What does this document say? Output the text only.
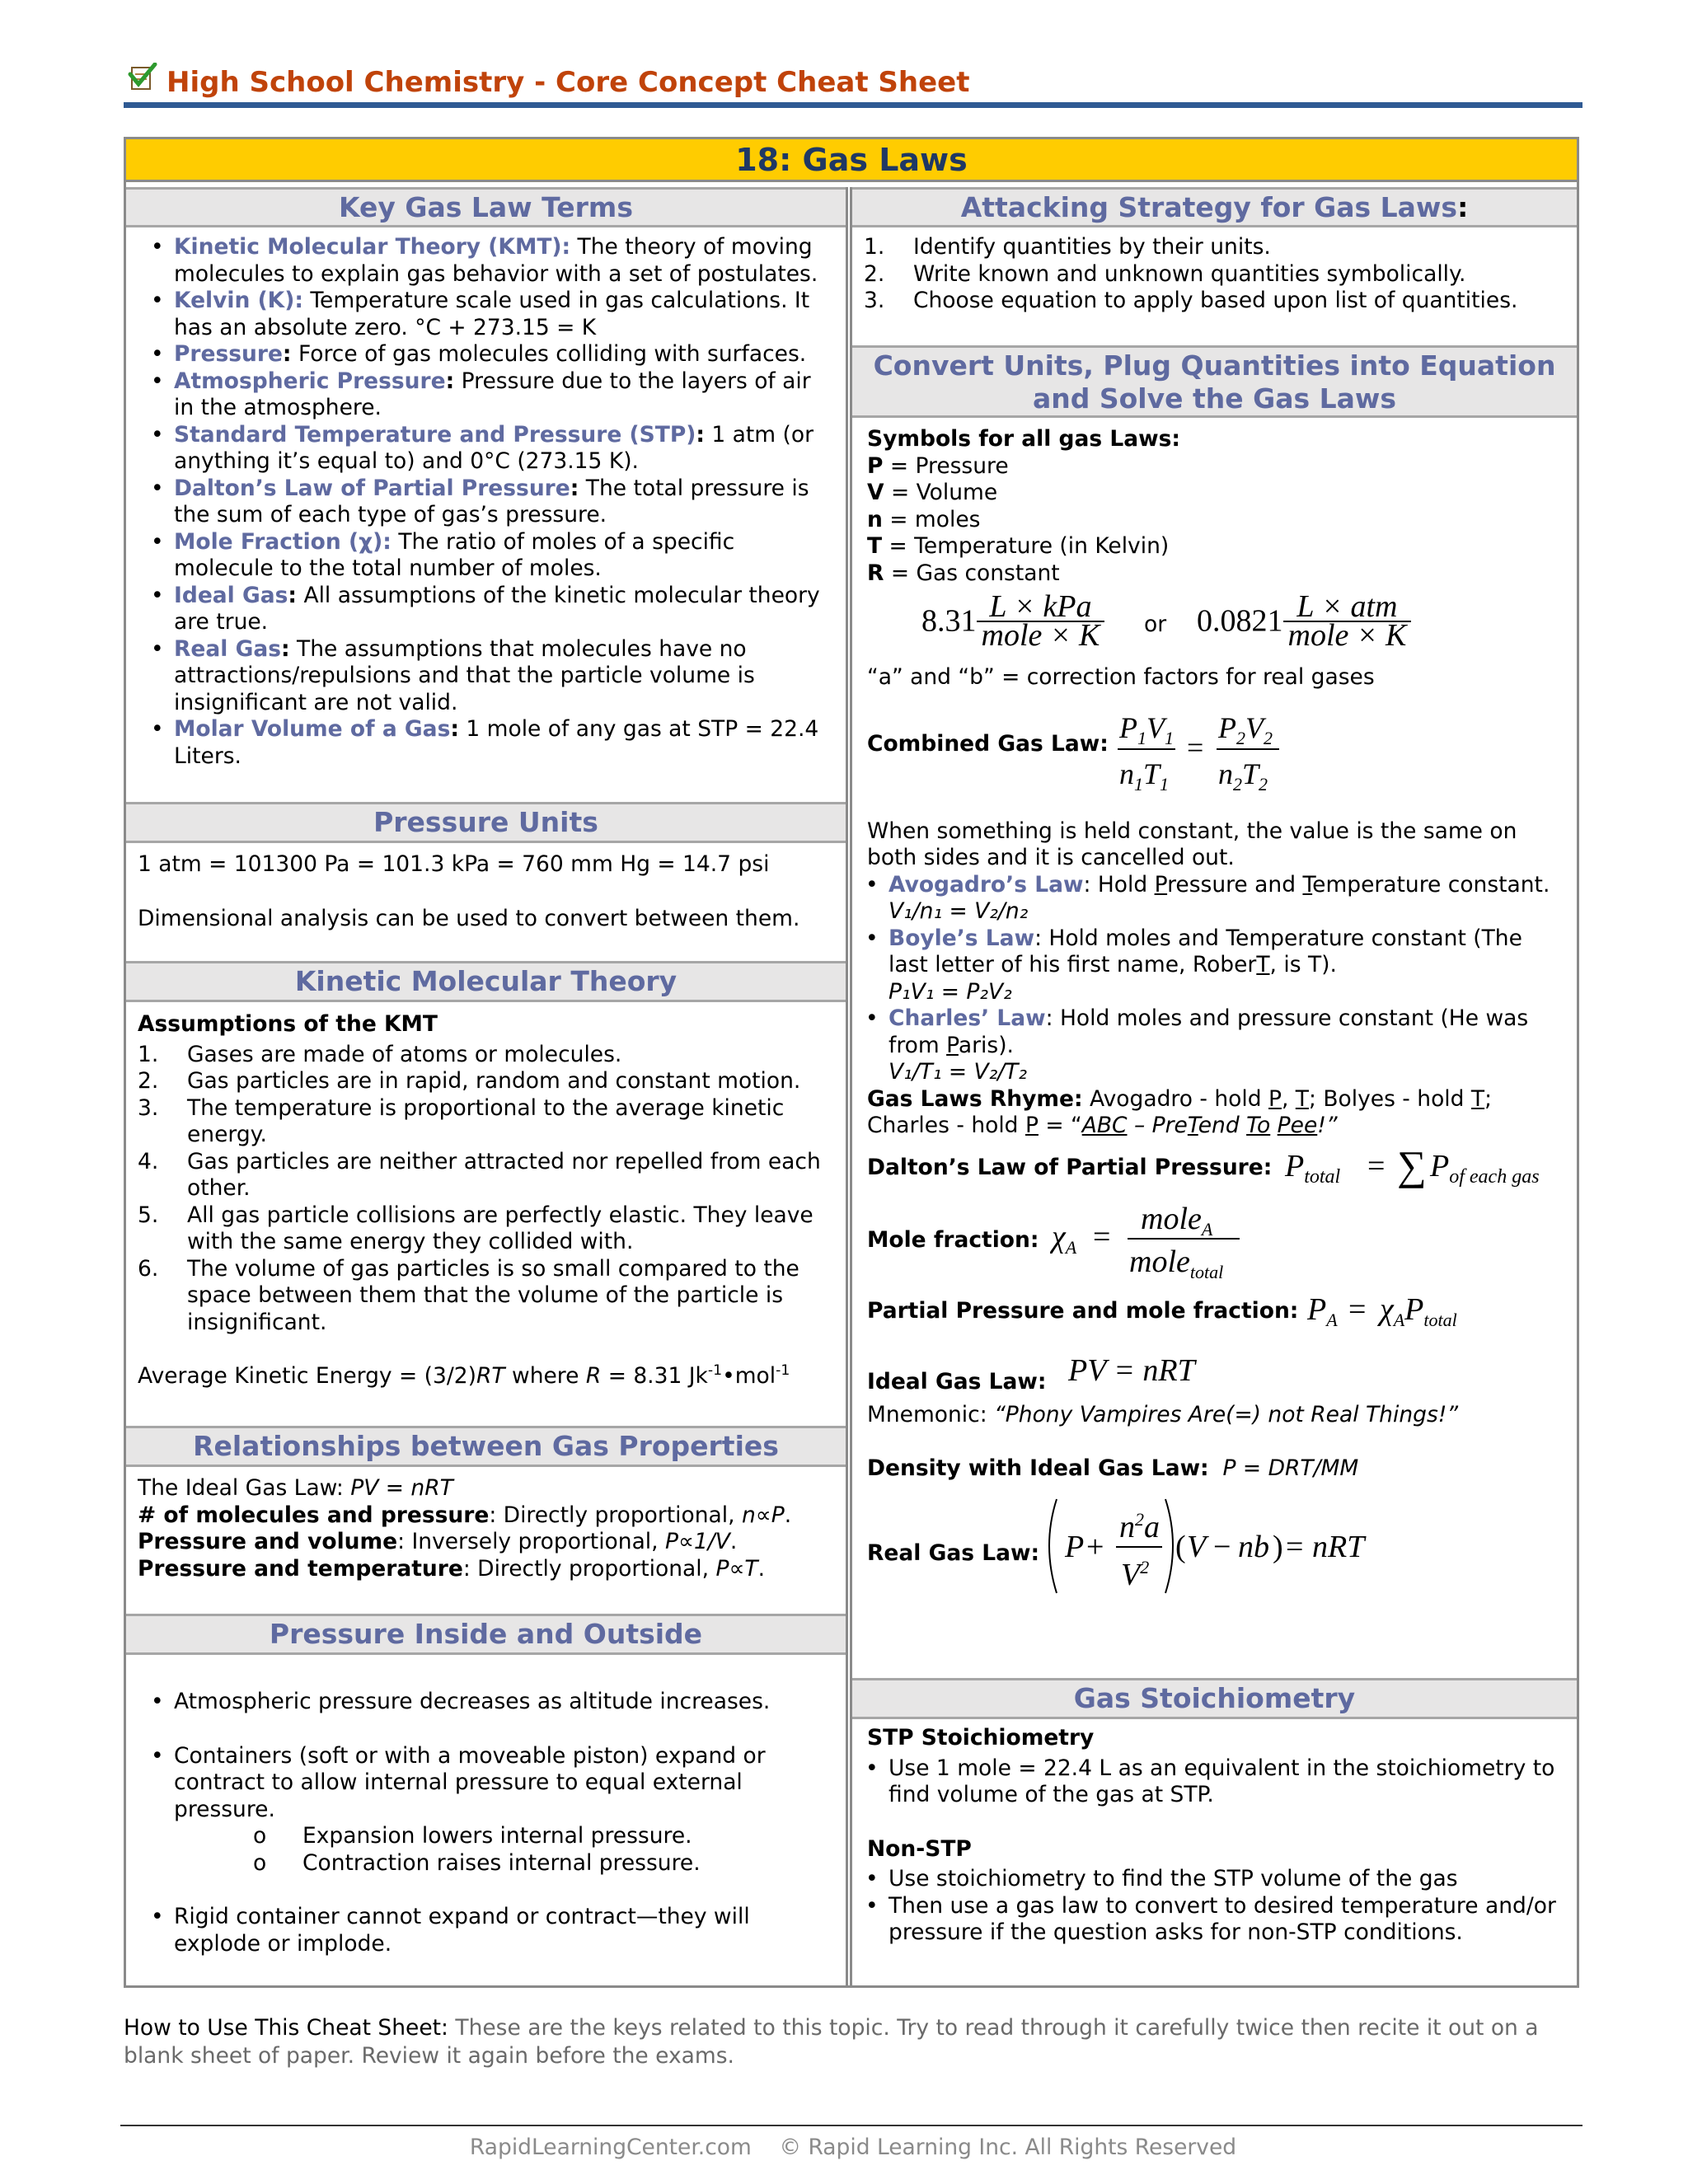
High School Chemistry - Core Concept Cheat Sheet
18: Gas Laws
Key Gas Law Terms
• Kinetic Molecular Theory (KMT): The theory of moving molecules to explain gas behavior with a set of postulates.
• Kelvin (K): Temperature scale used in gas calculations. It has an absolute zero. °C + 273.15 = K
• Pressure: Force of gas molecules colliding with surfaces.
• Atmospheric Pressure: Pressure due to the layers of air in the atmosphere.
• Standard Temperature and Pressure (STP): 1 atm (or anything it’s equal to) and 0°C (273.15 K).
• Dalton’s Law of Partial Pressure: The total pressure is the sum of each type of gas’s pressure.
• Mole Fraction (χ): The ratio of moles of a specific molecule to the total number of moles.
• Ideal Gas: All assumptions of the kinetic molecular theory are true.
• Real Gas: The assumptions that molecules have no attractions/repulsions and that the particle volume is insignificant are not valid.
• Molar Volume of a Gas: 1 mole of any gas at STP = 22.4 Liters.
Pressure Units
1 atm = 101300 Pa = 101.3 kPa = 760 mm Hg = 14.7 psi
Dimensional analysis can be used to convert between them.
Kinetic Molecular Theory
Assumptions of the KMT
1. Gases are made of atoms or molecules.
2. Gas particles are in rapid, random and constant motion.
3. The temperature is proportional to the average kinetic energy.
4. Gas particles are neither attracted nor repelled from each other.
5. All gas particle collisions are perfectly elastic. They leave with the same energy they collided with.
6. The volume of gas particles is so small compared to the space between them that the volume of the particle is insignificant.
Average Kinetic Energy = (3/2)RT where R = 8.31 $Jk^{-1}•mol^{-1}$
Relationships between Gas Properties
The Ideal Gas Law: PV = nRT
# of molecules and pressure: Directly proportional, n∝P.
Pressure and volume: Inversely proportional, P∝1/V.
Pressure and temperature: Directly proportional, P∝T.
Pressure Inside and Outside
• Atmospheric pressure decreases as altitude increases.
• Containers (soft or with a moveable piston) expand or contract to allow internal pressure to equal external pressure.
o Expansion lowers internal pressure.
o Contraction raises internal pressure.
• Rigid container cannot expand or contract—they will explode or implode.
Attacking Strategy for Gas Laws:
1. Identify quantities by their units.
2. Write known and unknown quantities symbolically.
3. Choose equation to apply based upon list of quantities.
Convert Units, Plug Quantities into Equation
and Solve the Gas Laws
Symbols for all gas Laws:
P = Pressure
V = Volume
n = moles
T = Temperature (in Kelvin)
R = Gas constant
$8.31 \frac{\text{L × kPa}}{\text{mole × K}}$ or $0.0821 \frac{\text{L × atm}}{\text{mole × K}}$
“a” and “b” = correction factors for real gases
Combined Gas Law: $P_1V_1$
$n_1T_1$
=
$P_2V_2$
$n_2T_2$
When something is held constant, the value is the same on both sides and it is cancelled out.
• Avogadro’s Law: Hold Pressure and Temperature constant.
V₁/n₁ = V₂/n₂
• Boyle’s Law: Hold moles and Temperature constant (The last letter of his first name, RoberT, is T).
P₁V₁ = P₂V₂
• Charles’ Law: Hold moles and pressure constant (He was from Paris).
V₁/T₁ = V₂/T₂
Gas Laws Rhyme: Avogadro - hold P, T; Bolyes - hold T; Charles - hold P = “ABC – PreTend To Pee!”
Dalton’s Law of Partial Pressure: $P_{total}$ = ∑ $P_{of each gas}$
Mole fraction: $\chi_A$ =
mole$_A$
mole$_{total}$
Partial Pressure and mole fraction: $P_A = \chi_AP_{total}$
Ideal Gas Law: PV = nRT
Mnemonic: “Phony Vampires Are(=) not Real Things!”
Density with Ideal Gas Law: P = DRT/MM
Real Gas Law: P +
$n^2a$
$V^2$
( V − nb ) = nRT
Gas Stoichiometry
STP Stoichiometry
• Use 1 mole = 22.4 L as an equivalent in the stoichiometry to find volume of the gas at STP.
Non-STP
• Use stoichiometry to find the STP volume of the gas
• Then use a gas law to convert to desired temperature and/or pressure if the question asks for non-STP conditions.
How to Use This Cheat Sheet: These are the keys related to this topic. Try to read through it carefully twice then recite it out on a blank sheet of paper. Review it again before the exams.
RapidLearningCenter.com © Rapid Learning Inc. All Rights Reserved
